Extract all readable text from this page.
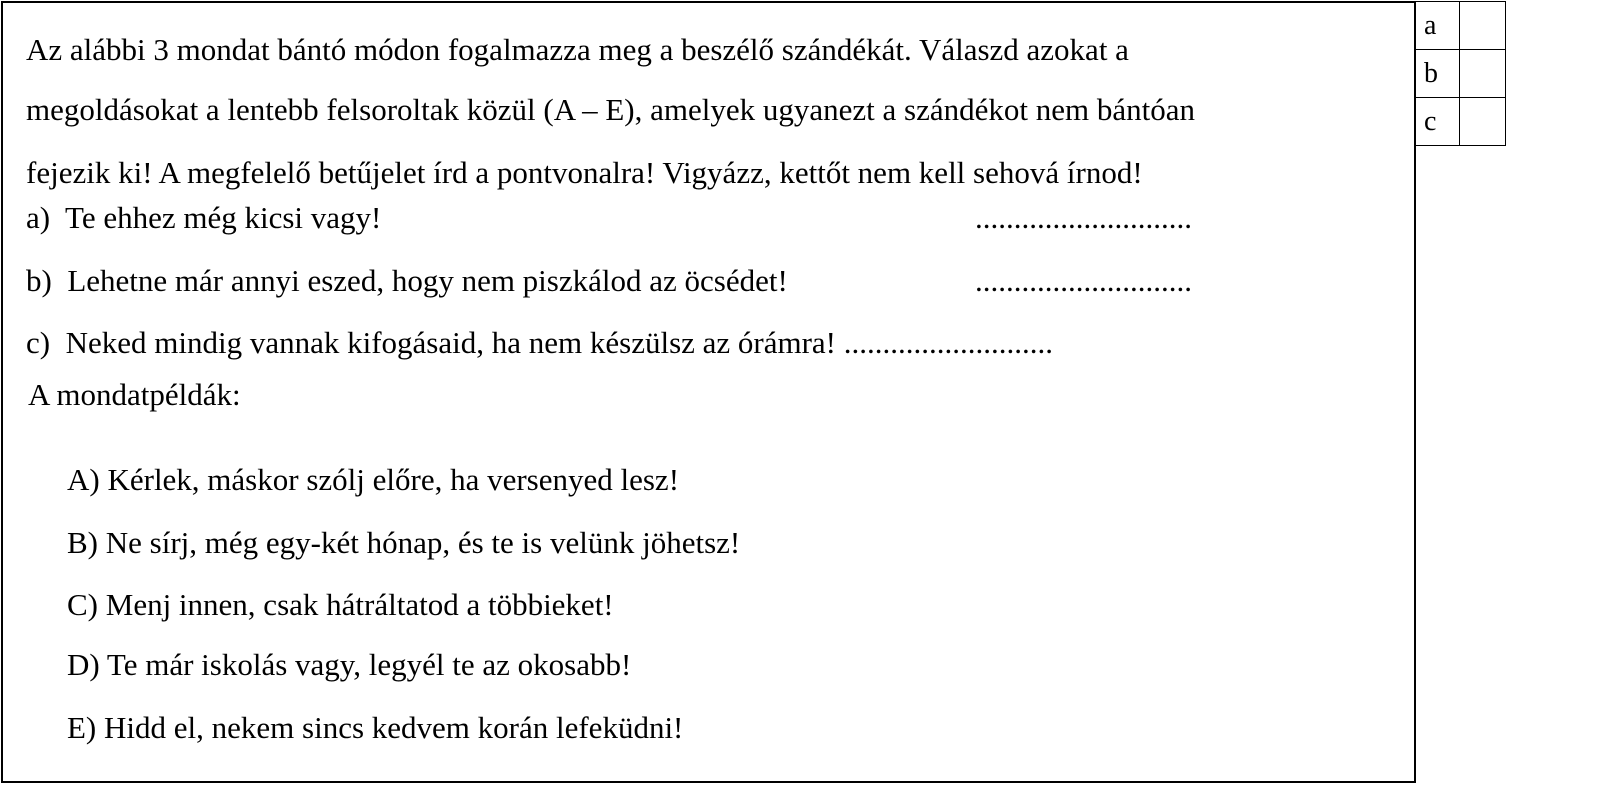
Az alábbi 3 mondat bántó módon fogalmazza meg a beszélő szándékát. Válaszd azokat a
megoldásokat a lentebb felsoroltak közül (A – E), amelyek ugyanezt a szándékot nem bántóan
fejezik ki! A megfelelő betűjelet írd a pontvonalra! Vigyázz, kettőt nem kell sehová írnod!
a) Te ehhez még kicsi vagy!	............................
b) Lehetne már annyi eszed, hogy nem piszkálod az öcsédet!	............................
c) Neked mindig vannak kifogásaid, ha nem készülsz az órámra! ...........................
A mondatpéldák:
A) Kérlek, máskor szólj előre, ha versenyed lesz!
B) Ne sírj, még egy-két hónap, és te is velünk jöhetsz!
C) Menj innen, csak hátráltatod a többieket!
D) Te már iskolás vagy, legyél te az okosabb!
E) Hidd el, nekem sincs kedvem korán lefeküdni!
a	
b	
c	
